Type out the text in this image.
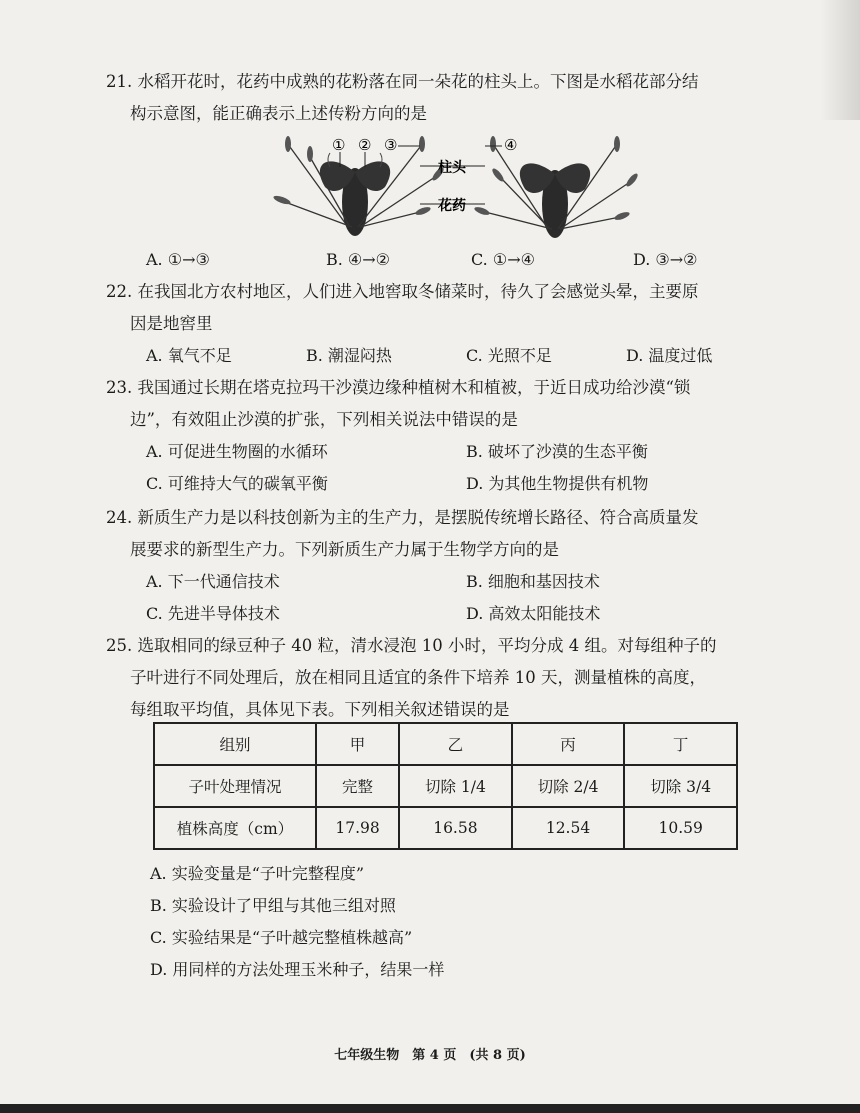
21. 水稻开花时，花药中成熟的花粉落在同一朵花的柱头上。下图是水稻花部分结
构示意图，能正确表示上述传粉方向的是

① ② ③	④
柱头
花药
A. ①→③	B. ④→②	C. ①→④	D. ③→②

22. 在我国北方农村地区，人们进入地窖取冬储菜时，待久了会感觉头晕，主要原
因是地窖里

A. 氧气不足	B. 潮湿闷热	C. 光照不足	D. 温度过低

23. 我国通过长期在塔克拉玛干沙漠边缘种植树木和植被，于近日成功给沙漠“锁
边”，有效阻止沙漠的扩张，下列相关说法中错误的是

A. 可促进生物圈的水循环	B. 破坏了沙漠的生态平衡
C. 可维持大气的碳氧平衡	D. 为其他生物提供有机物

24. 新质生产力是以科技创新为主的生产力，是摆脱传统增长路径、符合高质量发
展要求的新型生产力。下列新质生产力属于生物学方向的是

A. 下一代通信技术	B. 细胞和基因技术
C. 先进半导体技术	D. 高效太阳能技术

25. 选取相同的绿豆种子 40 粒，清水浸泡 10 小时，平均分成 4 组。对每组种子的
子叶进行不同处理后，放在相同且适宜的条件下培养 10 天，测量植株的高度，
每组取平均值，具体见下表。下列相关叙述错误的是

组别	甲	乙	丙	丁
子叶处理情况	完整	切除 1/4	切除 2/4	切除 3/4
植株高度（cm）	17.98	16.58	12.54	10.59
A. 实验变量是“子叶完整程度”
B. 实验设计了甲组与其他三组对照
C. 实验结果是“子叶越完整植株越高”
D. 用同样的方法处理玉米种子，结果一样
七年级生物　第 4 页　(共 8 页)
